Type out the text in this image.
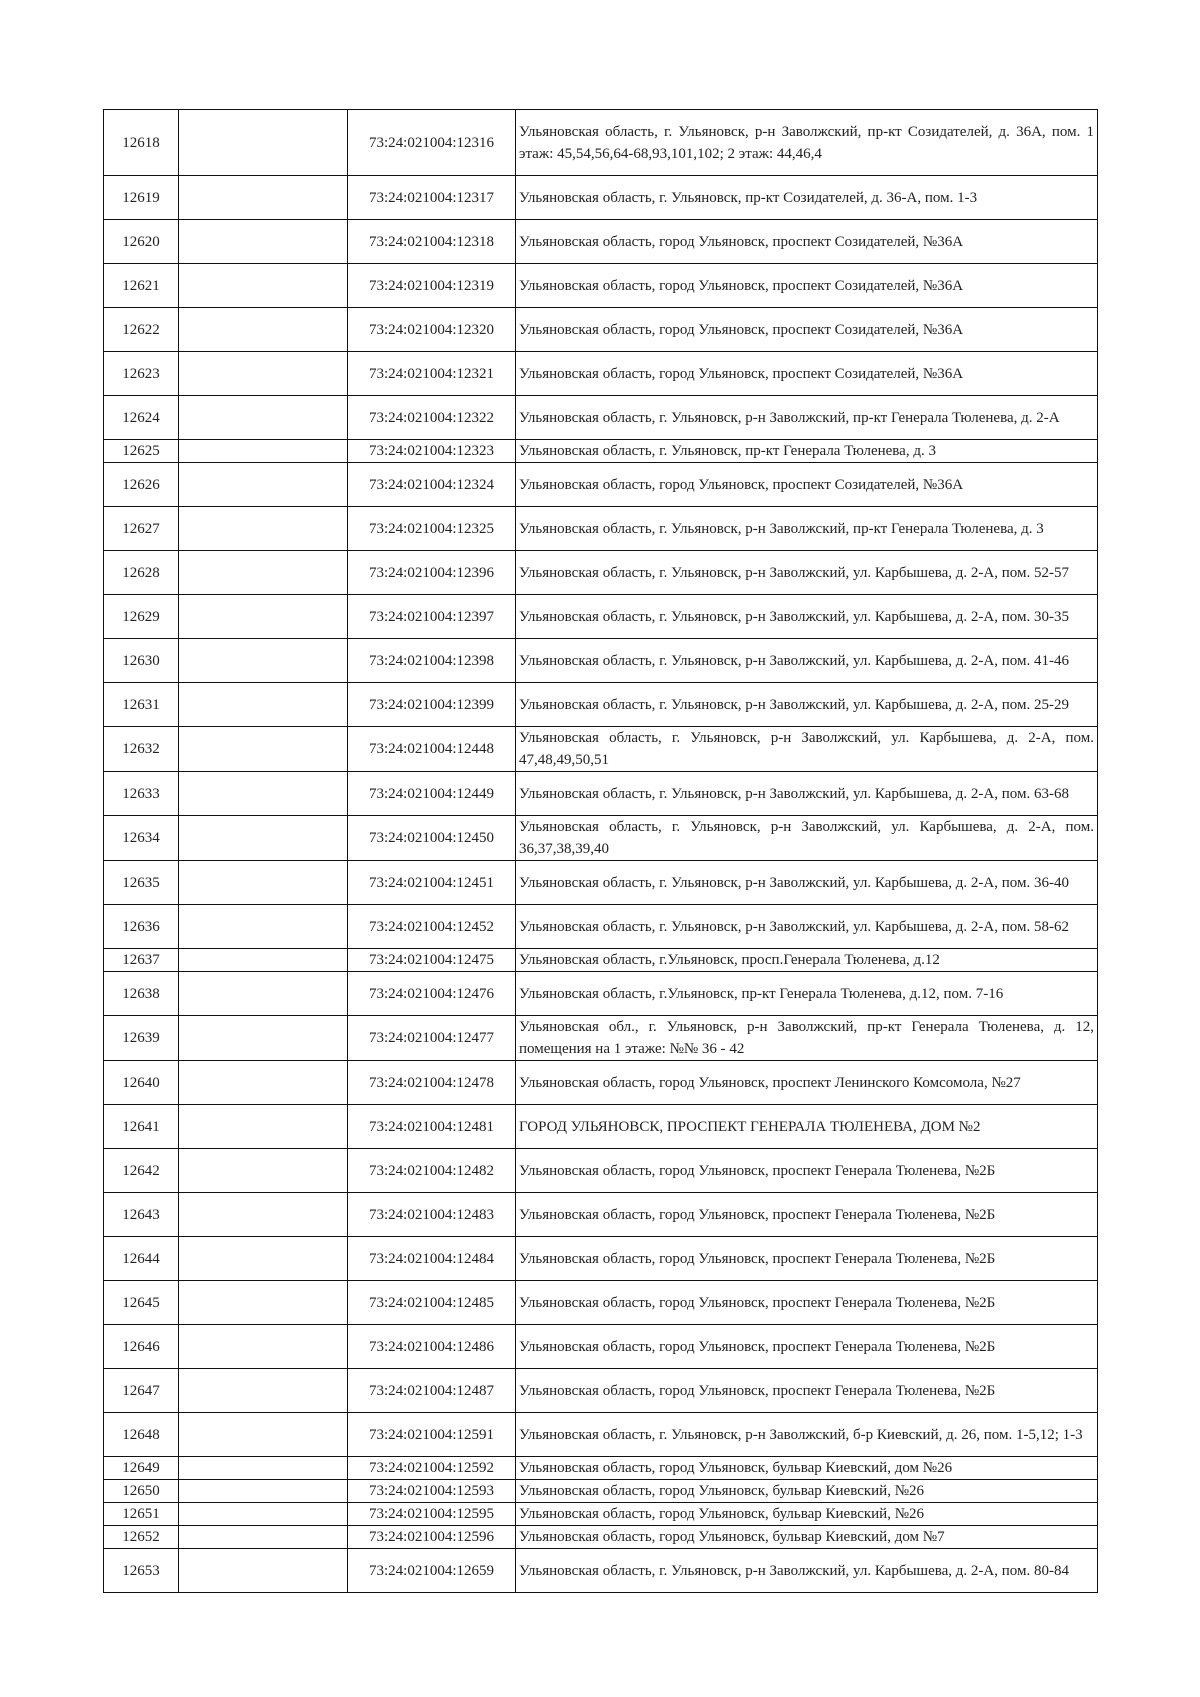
12618		73:24:021004:12316	Ульяновская область, г. Ульяновск, р-н Заволжский, пр-кт Созидателей, д. 36А, пом. 1 этаж: 45,54,56,64-68,93,101,102; 2 этаж: 44,46,4
12619		73:24:021004:12317	Ульяновская область, г. Ульяновск, пр-кт Созидателей, д. 36-А, пом. 1-3
12620		73:24:021004:12318	Ульяновская область, город Ульяновск, проспект Созидателей, №36А
12621		73:24:021004:12319	Ульяновская область, город Ульяновск, проспект Созидателей, №36А
12622		73:24:021004:12320	Ульяновская область, город Ульяновск, проспект Созидателей, №36А
12623		73:24:021004:12321	Ульяновская область, город Ульяновск, проспект Созидателей, №36А
12624		73:24:021004:12322	Ульяновская область, г. Ульяновск, р-н Заволжский, пр-кт Генерала Тюленева, д. 2-А
12625		73:24:021004:12323	Ульяновская область, г. Ульяновск, пр-кт Генерала Тюленева, д. 3
12626		73:24:021004:12324	Ульяновская область, город Ульяновск, проспект Созидателей, №36А
12627		73:24:021004:12325	Ульяновская область, г. Ульяновск, р-н Заволжский, пр-кт Генерала Тюленева, д. 3
12628		73:24:021004:12396	Ульяновская область, г. Ульяновск, р-н Заволжский, ул. Карбышева, д. 2-А, пом. 52-57
12629		73:24:021004:12397	Ульяновская область, г. Ульяновск, р-н Заволжский, ул. Карбышева, д. 2-А, пом. 30-35
12630		73:24:021004:12398	Ульяновская область, г. Ульяновск, р-н Заволжский, ул. Карбышева, д. 2-А, пом. 41-46
12631		73:24:021004:12399	Ульяновская область, г. Ульяновск, р-н Заволжский, ул. Карбышева, д. 2-А, пом. 25-29
12632		73:24:021004:12448	Ульяновская область, г. Ульяновск, р-н Заволжский, ул. Карбышева, д. 2-А, пом. 47,48,49,50,51
12633		73:24:021004:12449	Ульяновская область, г. Ульяновск, р-н Заволжский, ул. Карбышева, д. 2-А, пом. 63-68
12634		73:24:021004:12450	Ульяновская область, г. Ульяновск, р-н Заволжский, ул. Карбышева, д. 2-А, пом. 36,37,38,39,40
12635		73:24:021004:12451	Ульяновская область, г. Ульяновск, р-н Заволжский, ул. Карбышева, д. 2-А, пом. 36-40
12636		73:24:021004:12452	Ульяновская область, г. Ульяновск, р-н Заволжский, ул. Карбышева, д. 2-А, пом. 58-62
12637		73:24:021004:12475	Ульяновская область, г.Ульяновск, просп.Генерала Тюленева, д.12
12638		73:24:021004:12476	Ульяновская область, г.Ульяновск, пр-кт Генерала Тюленева, д.12, пом. 7-16
12639		73:24:021004:12477	Ульяновская обл., г. Ульяновск, р-н Заволжский, пр-кт Генерала Тюленева, д. 12, помещения на 1 этаже: №№ 36 - 42
12640		73:24:021004:12478	Ульяновская область, город Ульяновск, проспект Ленинского Комсомола, №27
12641		73:24:021004:12481	ГОРОД УЛЬЯНОВСК, ПРОСПЕКТ ГЕНЕРАЛА ТЮЛЕНЕВА, ДОМ №2
12642		73:24:021004:12482	Ульяновская область, город Ульяновск, проспект Генерала Тюленева, №2Б
12643		73:24:021004:12483	Ульяновская область, город Ульяновск, проспект Генерала Тюленева, №2Б
12644		73:24:021004:12484	Ульяновская область, город Ульяновск, проспект Генерала Тюленева, №2Б
12645		73:24:021004:12485	Ульяновская область, город Ульяновск, проспект Генерала Тюленева, №2Б
12646		73:24:021004:12486	Ульяновская область, город Ульяновск, проспект Генерала Тюленева, №2Б
12647		73:24:021004:12487	Ульяновская область, город Ульяновск, проспект Генерала Тюленева, №2Б
12648		73:24:021004:12591	Ульяновская область, г. Ульяновск, р-н Заволжский, б-р Киевский, д. 26, пом. 1-5,12; 1-3
12649		73:24:021004:12592	Ульяновская область, город Ульяновск, бульвар Киевский, дом №26
12650		73:24:021004:12593	Ульяновская область, город Ульяновск, бульвар Киевский, №26
12651		73:24:021004:12595	Ульяновская область, город Ульяновск, бульвар Киевский, №26
12652		73:24:021004:12596	Ульяновская область, город Ульяновск, бульвар Киевский, дом №7
12653		73:24:021004:12659	Ульяновская область, г. Ульяновск, р-н Заволжский, ул. Карбышева, д. 2-А, пом. 80-84
